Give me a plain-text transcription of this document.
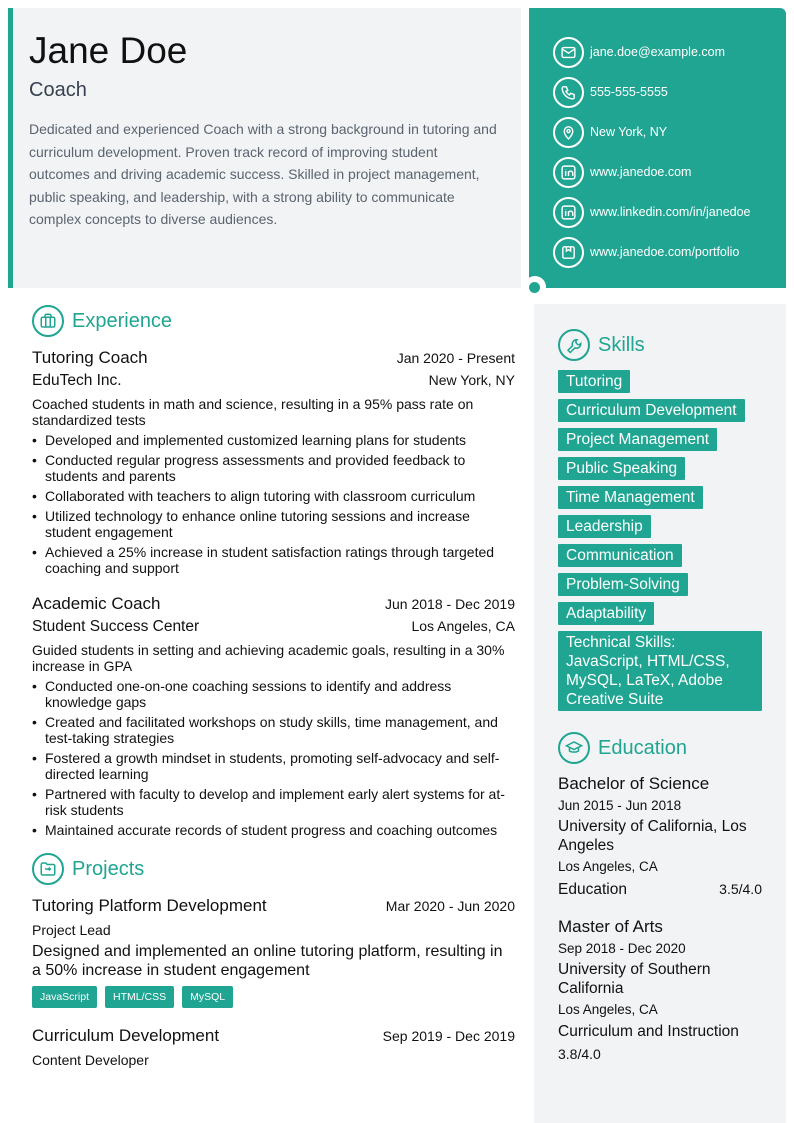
Jane Doe
Coach

Dedicated and experienced Coach with a strong background in tutoring and curriculum development. Proven track record of improving student outcomes and driving academic success. Skilled in project management, public speaking, and leadership, with a strong ability to communicate complex concepts to diverse audiences.

jane.doe@example.com
555-555-5555
New York, NY
www.janedoe.com
www.linkedin.com/in/janedoe
www.janedoe.com/portfolio
Experience
Tutoring Coach	Jan 2020 - Present
EduTech Inc.	New York, NY

Coached students in math and science, resulting in a 95% pass rate on standardized tests

• Developed and implemented customized learning plans for students
• Conducted regular progress assessments and provided feedback to students and parents
• Collaborated with teachers to align tutoring with classroom curriculum
• Utilized technology to enhance online tutoring sessions and increase student engagement
• Achieved a 25% increase in student satisfaction ratings through targeted coaching and support
Academic Coach	Jun 2018 - Dec 2019
Student Success Center	Los Angeles, CA

Guided students in setting and achieving academic goals, resulting in a 30% increase in GPA

• Conducted one-on-one coaching sessions to identify and address knowledge gaps
• Created and facilitated workshops on study skills, time management, and test-taking strategies
• Fostered a growth mindset in students, promoting self-advocacy and self-directed learning
• Partnered with faculty to develop and implement early alert systems for at-risk students
• Maintained accurate records of student progress and coaching outcomes
Projects
Tutoring Platform Development	Mar 2020 - Jun 2020
Project Lead

Designed and implemented an online tutoring platform, resulting in a 50% increase in student engagement

JavaScript	HTML/CSS	MySQL
Curriculum Development	Sep 2019 - Dec 2019
Content Developer
Skills
Tutoring
Curriculum Development
Project Management
Public Speaking
Time Management
Leadership
Communication
Problem-Solving
Adaptability
Technical Skills: JavaScript, HTML/CSS, MySQL, LaTeX, Adobe Creative Suite
Education
Bachelor of Science
Jun 2015 - Jun 2018
University of California, Los Angeles
Los Angeles, CA
Education	3.5/4.0
Master of Arts
Sep 2018 - Dec 2020
University of Southern California
Los Angeles, CA
Curriculum and Instruction
3.8/4.0
